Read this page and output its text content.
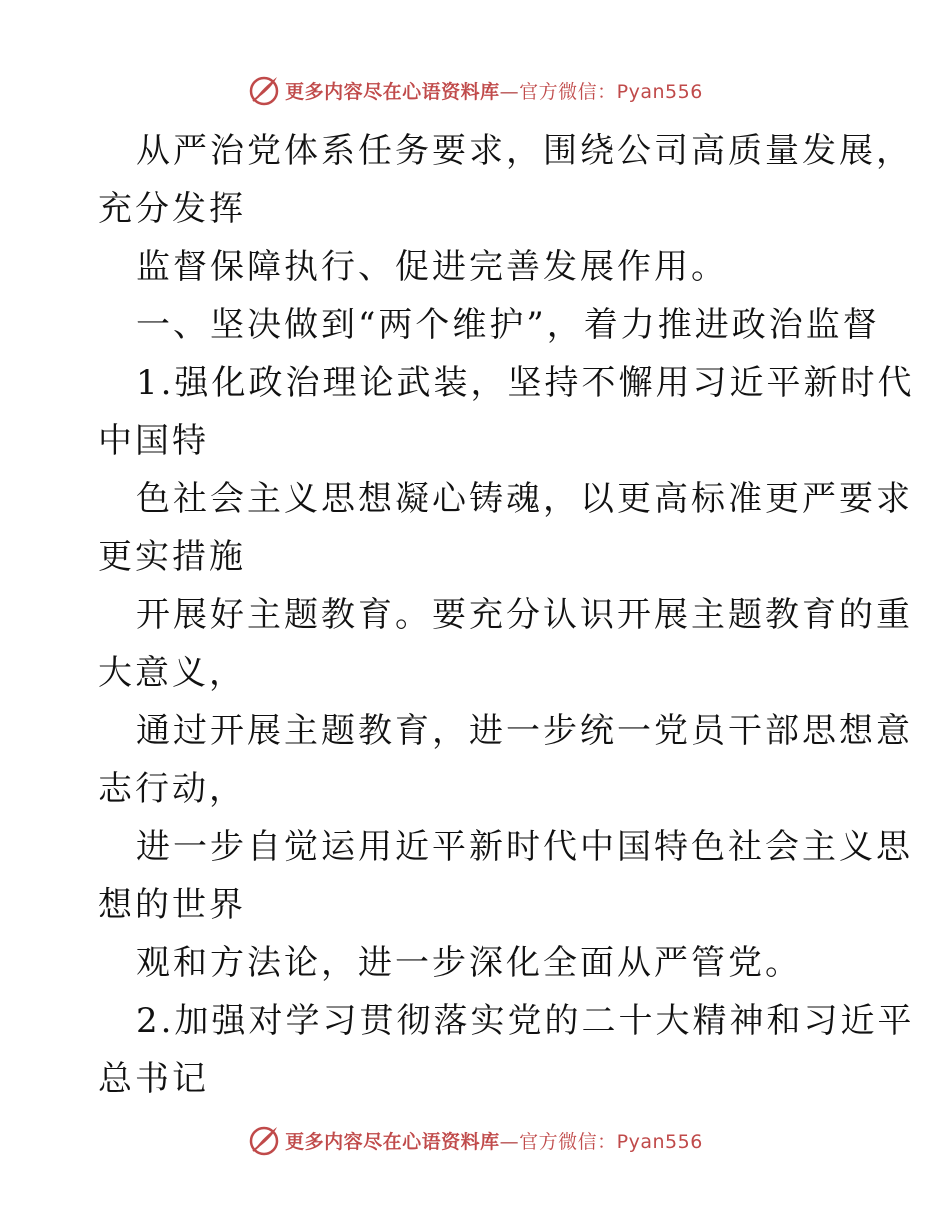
更多内容尽在心语资料库—官方微信：Pyan556

从严治党体系任务要求，围绕公司高质量发展，

充分发挥

监督保障执行、促进完善发展作用。

一、坚决做到“两个维护”，着力推进政治监督

1.强化政治理论武装，坚持不懈用习近平新时代

中国特

色社会主义思想凝心铸魂，以更高标准更严要求

更实措施

开展好主题教育。要充分认识开展主题教育的重

大意义，

通过开展主题教育，进一步统一党员干部思想意

志行动，

进一步自觉运用近平新时代中国特色社会主义思

想的世界

观和方法论，进一步深化全面从严管党。

2.加强对学习贯彻落实党的二十大精神和习近平

总书记

更多内容尽在心语资料库—官方微信：Pyan556
